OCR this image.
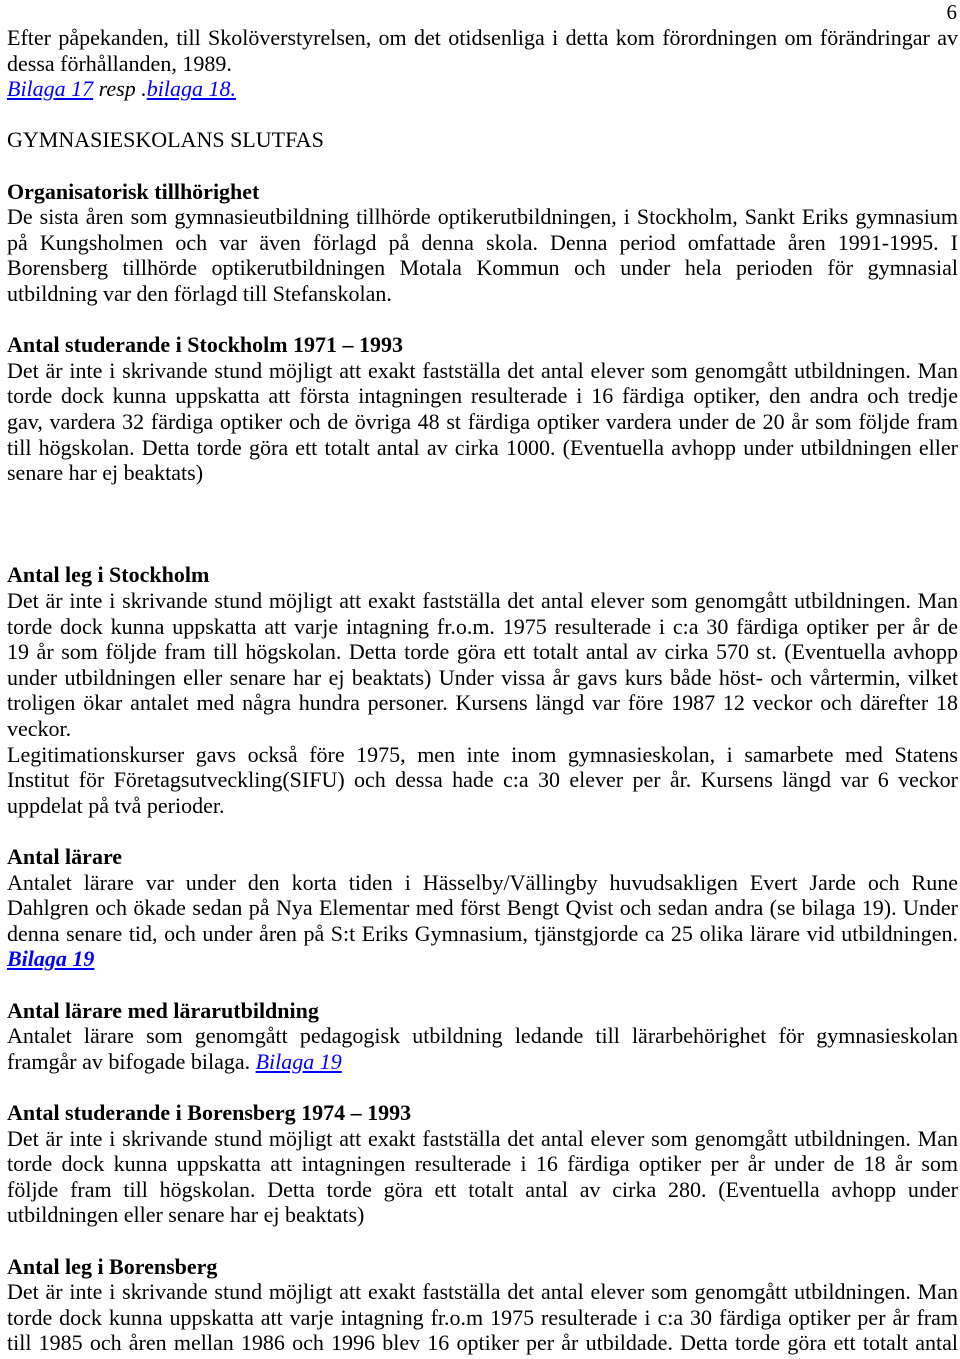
6
Efter påpekanden, till Skolöverstyrelsen, om det otidsenliga i detta kom förordningen om förändringar av
dessa förhållanden, 1989.
Bilaga 17 resp .bilaga 18.
GYMNASIESKOLANS SLUTFAS
Organisatorisk tillhörighet
De sista åren som gymnasieutbildning tillhörde optikerutbildningen, i Stockholm, Sankt Eriks gymnasium
på Kungsholmen och var även förlagd på denna skola. Denna period omfattade åren 1991-1995. I
Borensberg tillhörde optikerutbildningen Motala Kommun och under hela perioden för gymnasial
utbildning var den förlagd till Stefanskolan.
Antal studerande i Stockholm 1971 – 1993
Det är inte i skrivande stund möjligt att exakt fastställa det antal elever som genomgått utbildningen. Man
torde dock kunna uppskatta att första intagningen resulterade i 16 färdiga optiker, den andra och tredje
gav, vardera 32 färdiga optiker och de övriga 48 st färdiga optiker vardera under de 20 år som följde fram
till högskolan. Detta torde göra ett totalt antal av cirka 1000. (Eventuella avhopp under utbildningen eller
senare har ej beaktats)
Antal leg i Stockholm
Det är inte i skrivande stund möjligt att exakt fastställa det antal elever som genomgått utbildningen. Man
torde dock kunna uppskatta att varje intagning fr.o.m. 1975 resulterade i c:a 30 färdiga optiker per år de
19 år som följde fram till högskolan. Detta torde göra ett totalt antal av cirka 570 st. (Eventuella avhopp
under utbildningen eller senare har ej beaktats) Under vissa år gavs kurs både höst- och vårtermin, vilket
troligen ökar antalet med några hundra personer. Kursens längd var före 1987 12 veckor och därefter 18
veckor.
Legitimationskurser gavs också före 1975, men inte inom gymnasieskolan, i samarbete med Statens
Institut för Företagsutveckling(SIFU) och dessa hade c:a 30 elever per år. Kursens längd var 6 veckor
uppdelat på två perioder.
Antal lärare
Antalet lärare var under den korta tiden i Hässelby/Vällingby huvudsakligen Evert Jarde och Rune
Dahlgren och ökade sedan på Nya Elementar med först Bengt Qvist och sedan andra (se bilaga 19). Under
denna senare tid, och under åren på S:t Eriks Gymnasium, tjänstgjorde ca 25 olika lärare vid utbildningen.
Bilaga 19
Antal lärare med lärarutbildning
Antalet lärare som genomgått pedagogisk utbildning ledande till lärarbehörighet för gymnasieskolan
framgår av bifogade bilaga. Bilaga 19
Antal studerande i Borensberg 1974 – 1993
Det är inte i skrivande stund möjligt att exakt fastställa det antal elever som genomgått utbildningen. Man
torde dock kunna uppskatta att intagningen resulterade i 16 färdiga optiker per år under de 18 år som
följde fram till högskolan. Detta torde göra ett totalt antal av cirka 280. (Eventuella avhopp under
utbildningen eller senare har ej beaktats)
Antal leg i Borensberg
Det är inte i skrivande stund möjligt att exakt fastställa det antal elever som genomgått utbildningen. Man
torde dock kunna uppskatta att varje intagning fr.o.m 1975 resulterade i c:a 30 färdiga optiker per år fram
till 1985 och åren mellan 1986 och 1996 blev 16 optiker per år utbildade. Detta torde göra ett totalt antal
